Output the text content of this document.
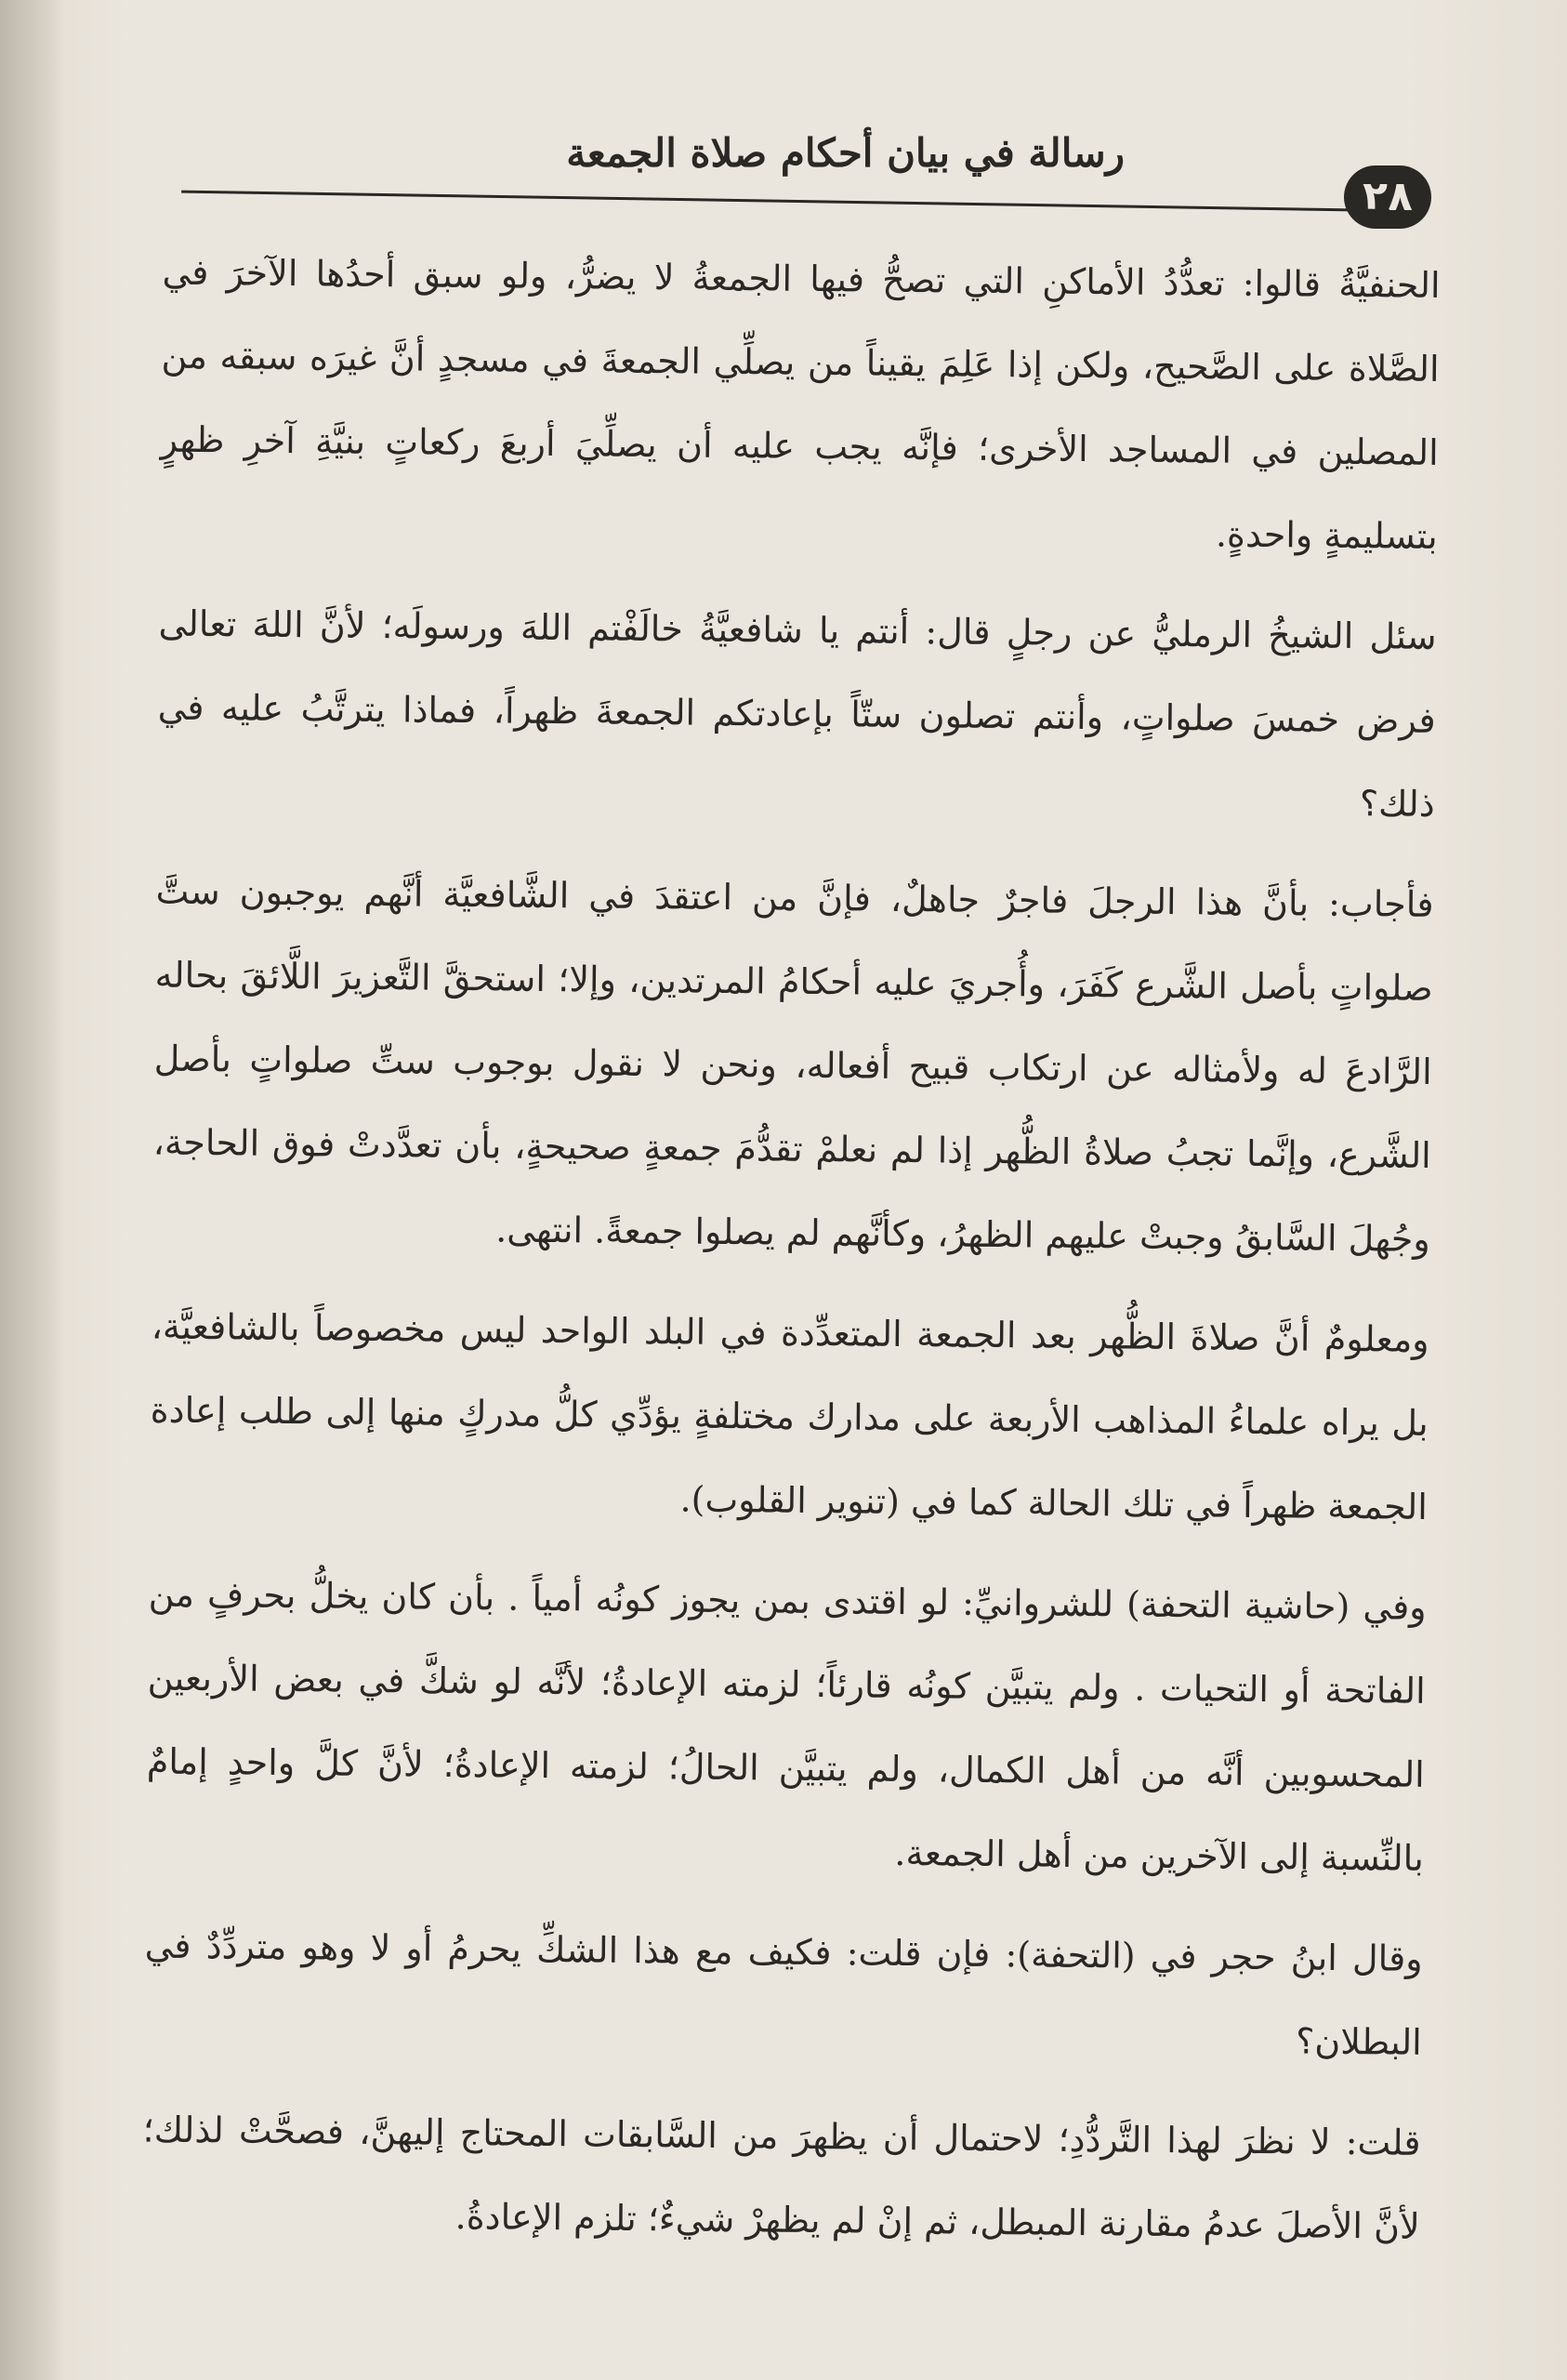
٢٨
رسالة في بيان أحكام صلاة الجمعة

الحنفيَّةُ قالوا: تعدُّدُ الأماكنِ التي تصحُّ فيها الجمعةُ لا يضرُّ، ولو سبق أحدُها الآخرَ في الصَّلاة على الصَّحيح، ولكن إذا عَلِمَ يقيناً من يصلِّي الجمعةَ في مسجدٍ أنَّ غيرَه سبقه من المصلين في المساجد الأخرى؛ فإنَّه يجب عليه أن يصلِّيَ أربعَ ركعاتٍ بنيَّةِ آخرِ ظهرٍ بتسليمةٍ واحدةٍ.

سئل الشيخُ الرمليُّ عن رجلٍ قال: أنتم يا شافعيَّةُ خالَفْتم اللهَ ورسولَه؛ لأنَّ اللهَ تعالى فرض خمسَ صلواتٍ، وأنتم تصلون ستّاً بإعادتكم الجمعةَ ظهراً، فماذا يترتَّبُ عليه في ذلك؟

فأجاب: بأنَّ هذا الرجلَ فاجرٌ جاهلٌ، فإنَّ من اعتقدَ في الشَّافعيَّة أنَّهم يوجبون ستَّ صلواتٍ بأصل الشَّرع كَفَرَ، وأُجريَ عليه أحكامُ المرتدين، وإلا؛ استحقَّ التَّعزيرَ اللَّائقَ بحاله الرَّادعَ له ولأمثاله عن ارتكاب قبيح أفعاله، ونحن لا نقول بوجوب ستِّ صلواتٍ بأصل الشَّرع، وإنَّما تجبُ صلاةُ الظُّهر إذا لم نعلمْ تقدُّمَ جمعةٍ صحيحةٍ، بأن تعدَّدتْ فوق الحاجة، وجُهلَ السَّابقُ وجبتْ عليهم الظهرُ، وكأنَّهم لم يصلوا جمعةً. انتهى.

ومعلومٌ أنَّ صلاةَ الظُّهر بعد الجمعة المتعدِّدة في البلد الواحد ليس مخصوصاً بالشافعيَّة، بل يراه علماءُ المذاهب الأربعة على مدارك مختلفةٍ يؤدِّي كلُّ مدركٍ منها إلى طلب إعادة الجمعة ظهراً في تلك الحالة كما في (تنوير القلوب).

وفي (حاشية التحفة) للشروانيِّ: لو اقتدى بمن يجوز كونُه أمياً . بأن كان يخلُّ بحرفٍ من الفاتحة أو التحيات . ولم يتبيَّن كونُه قارئاً؛ لزمته الإعادةُ؛ لأنَّه لو شكَّ في بعض الأربعين المحسوبين أنَّه من أهل الكمال، ولم يتبيَّن الحالُ؛ لزمته الإعادةُ؛ لأنَّ كلَّ واحدٍ إمامٌ بالنِّسبة إلى الآخرين من أهل الجمعة.

وقال ابنُ حجر في (التحفة): فإن قلت: فكيف مع هذا الشكِّ يحرمُ أو لا وهو متردِّدٌ في البطلان؟

قلت: لا نظرَ لهذا التَّردُّدِ؛ لاحتمال أن يظهرَ من السَّابقات المحتاج إليهنَّ، فصحَّتْ لذلك؛ لأنَّ الأصلَ عدمُ مقارنة المبطل، ثم إنْ لم يظهرْ شيءٌ؛ تلزم الإعادةُ.
